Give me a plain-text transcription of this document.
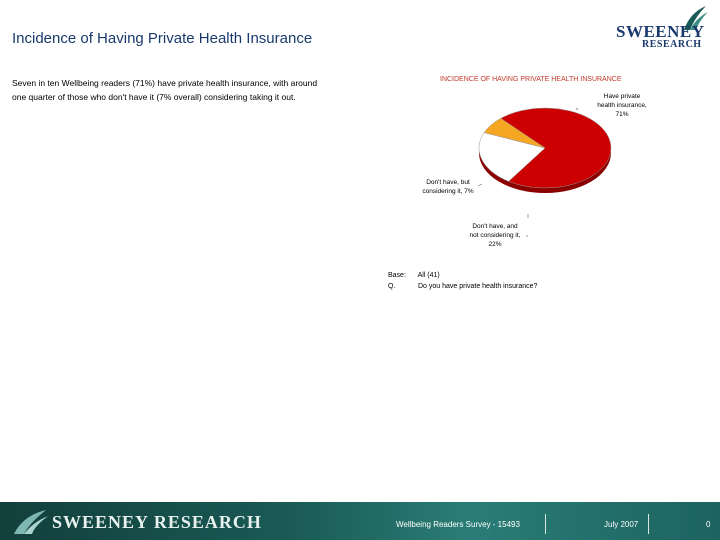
Incidence of Having Private Health Insurance	SWEENEY
RESEARCH
Seven in ten Wellbeing readers (71%) have private health insurance, with around
one quarter of those who don't have it (7% overall) considering taking it out.
INCIDENCE OF HAVING PRIVATE HEALTH INSURANCE
Have private
health insurance,
71%
Don't have, but
considering it, 7%
Don't have, and
not considering it,
22%
Base: All (41)
Q.	Do you have private health insurance?
SWEENEY RESEARCH	Wellbeing Readers Survey - 15493	July 2007	0
